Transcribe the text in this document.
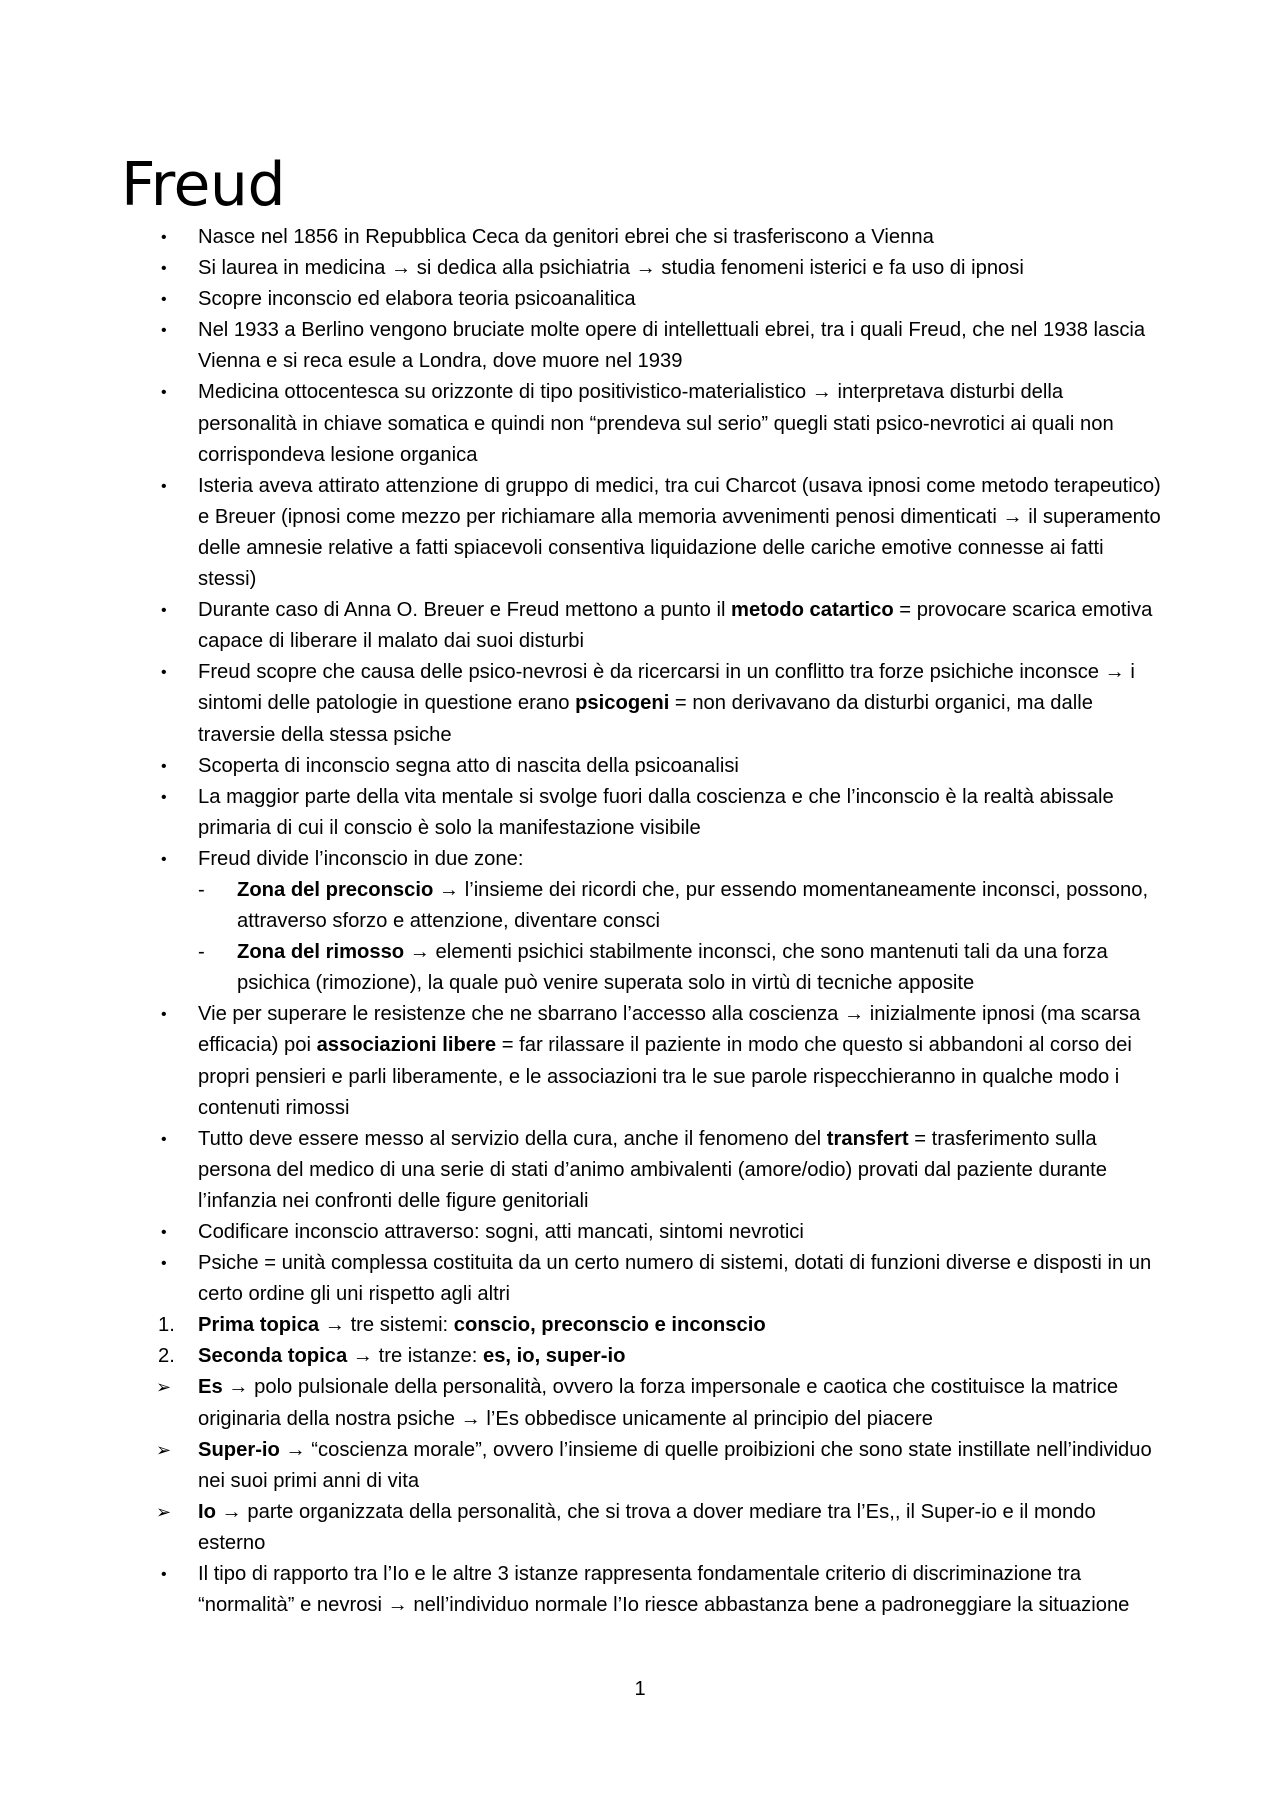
Freud
• Nasce nel 1856 in Repubblica Ceca da genitori ebrei che si trasferiscono a Vienna
• Si laurea in medicina → si dedica alla psichiatria → studia fenomeni isterici e fa uso di ipnosi
• Scopre inconscio ed elabora teoria psicoanalitica
• Nel 1933 a Berlino vengono bruciate molte opere di intellettuali ebrei, tra i quali Freud, che nel 1938 lascia Vienna e si reca esule a Londra, dove muore nel 1939
• Medicina ottocentesca su orizzonte di tipo positivistico-materialistico → interpretava disturbi della personalità in chiave somatica e quindi non “prendeva sul serio” quegli stati psico-nevrotici ai quali non corrispondeva lesione organica
• Isteria aveva attirato attenzione di gruppo di medici, tra cui Charcot (usava ipnosi come metodo terapeutico) e Breuer (ipnosi come mezzo per richiamare alla memoria avvenimenti penosi dimenticati → il superamento delle amnesie relative a fatti spiacevoli consentiva liquidazione delle cariche emotive connesse ai fatti stessi)
• Durante caso di Anna O. Breuer e Freud mettono a punto il metodo catartico = provocare scarica emotiva capace di liberare il malato dai suoi disturbi
• Freud scopre che causa delle psico-nevrosi è da ricercarsi in un conflitto tra forze psichiche inconsce → i sintomi delle patologie in questione erano psicogeni = non derivavano da disturbi organici, ma dalle traversie della stessa psiche
• Scoperta di inconscio segna atto di nascita della psicoanalisi
• La maggior parte della vita mentale si svolge fuori dalla coscienza e che l’inconscio è la realtà abissale primaria di cui il conscio è solo la manifestazione visibile
• Freud divide l’inconscio in due zone:
- Zona del preconscio → l’insieme dei ricordi che, pur essendo momentaneamente inconsci, possono, attraverso sforzo e attenzione, diventare consci
- Zona del rimosso → elementi psichici stabilmente inconsci, che sono mantenuti tali da una forza psichica (rimozione), la quale può venire superata solo in virtù di tecniche apposite
• Vie per superare le resistenze che ne sbarrano l’accesso alla coscienza → inizialmente ipnosi (ma scarsa efficacia) poi associazioni libere = far rilassare il paziente in modo che questo si abbandoni al corso dei propri pensieri e parli liberamente, e le associazioni tra le sue parole rispecchieranno in qualche modo i contenuti rimossi
• Tutto deve essere messo al servizio della cura, anche il fenomeno del transfert = trasferimento sulla persona del medico di una serie di stati d’animo ambivalenti (amore/odio) provati dal paziente durante l’infanzia nei confronti delle figure genitoriali
• Codificare inconscio attraverso: sogni, atti mancati, sintomi nevrotici
• Psiche = unità complessa costituita da un certo numero di sistemi, dotati di funzioni diverse e disposti in un certo ordine gli uni rispetto agli altri
1. Prima topica → tre sistemi: conscio, preconscio e inconscio
2. Seconda topica → tre istanze: es, io, super-io
➢ Es → polo pulsionale della personalità, ovvero la forza impersonale e caotica che costituisce la matrice originaria della nostra psiche → l’Es obbedisce unicamente al principio del piacere
➢ Super-io → “coscienza morale”, ovvero l’insieme di quelle proibizioni che sono state instillate nell’individuo nei suoi primi anni di vita
➢ Io → parte organizzata della personalità, che si trova a dover mediare tra l’Es,, il Super-io e il mondo esterno
• Il tipo di rapporto tra l’Io e le altre 3 istanze rappresenta fondamentale criterio di discriminazione tra “normalità” e nevrosi → nell’individuo normale l’Io riesce abbastanza bene a padroneggiare la situazione
1
